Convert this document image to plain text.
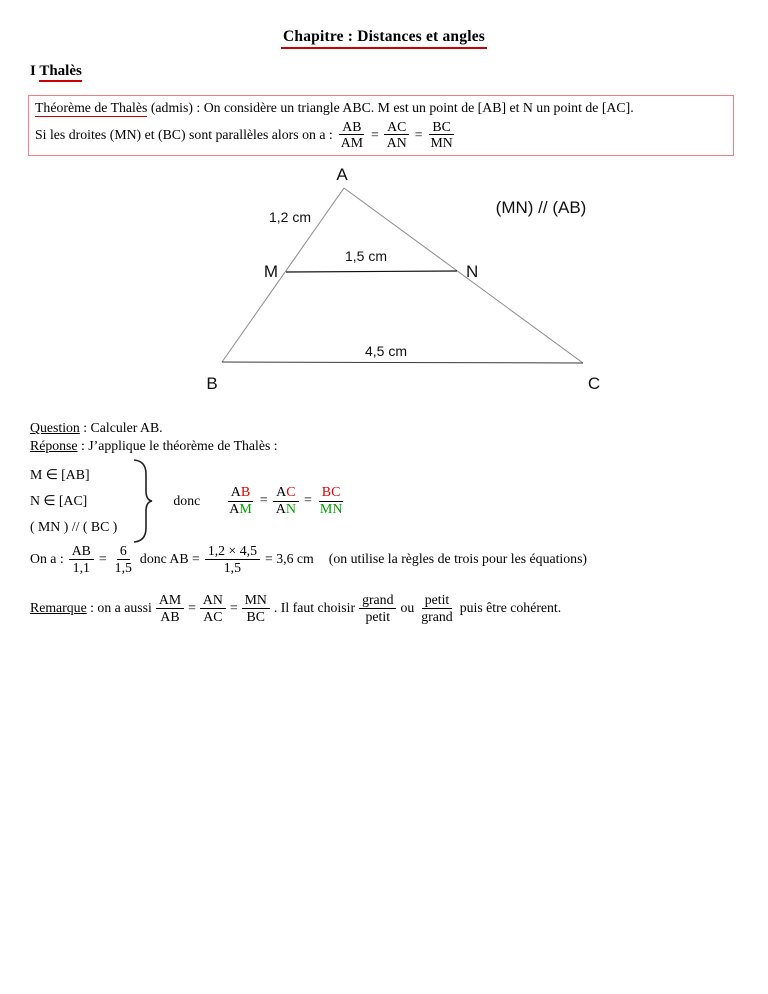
Chapitre : Distances et angles
I Thalès
Théorème de Thalès (admis) : On considère un triangle ABC. M est un point de [AB] et N un point de [AC].
Si les droites (MN) et (BC) sont parallèles alors on a : $\frac{AB}{AM} = \frac{AC}{AN} = \frac{BC}{MN}$
A
B	C
M	N
1,2 cm
1,5 cm
4,5 cm
(MN) // (AB)
Question : Calculer AB.
Réponse : J’applique le théorème de Thalès :
M ∈ [AB]
N ∈ [AC]
( MN ) // ( BC )
donc $\frac{AB}{AM} = \frac{AC}{AN} = \frac{BC}{MN}$
On a : $\frac{AB}{1,1} = \frac{6}{1,5}$ donc AB = $\frac{1,2 \times 4,5}{1,5} = 3,6$ cm (on utilise la règles de trois pour les équations)
Remarque : on a aussi $\frac{AM}{AB} = \frac{AN}{AC} = \frac{MN}{BC}$ . Il faut choisir $\frac{\text{grand}}{\text{petit}}$ ou $\frac{\text{petit}}{\text{grand}}$ puis être cohérent.
